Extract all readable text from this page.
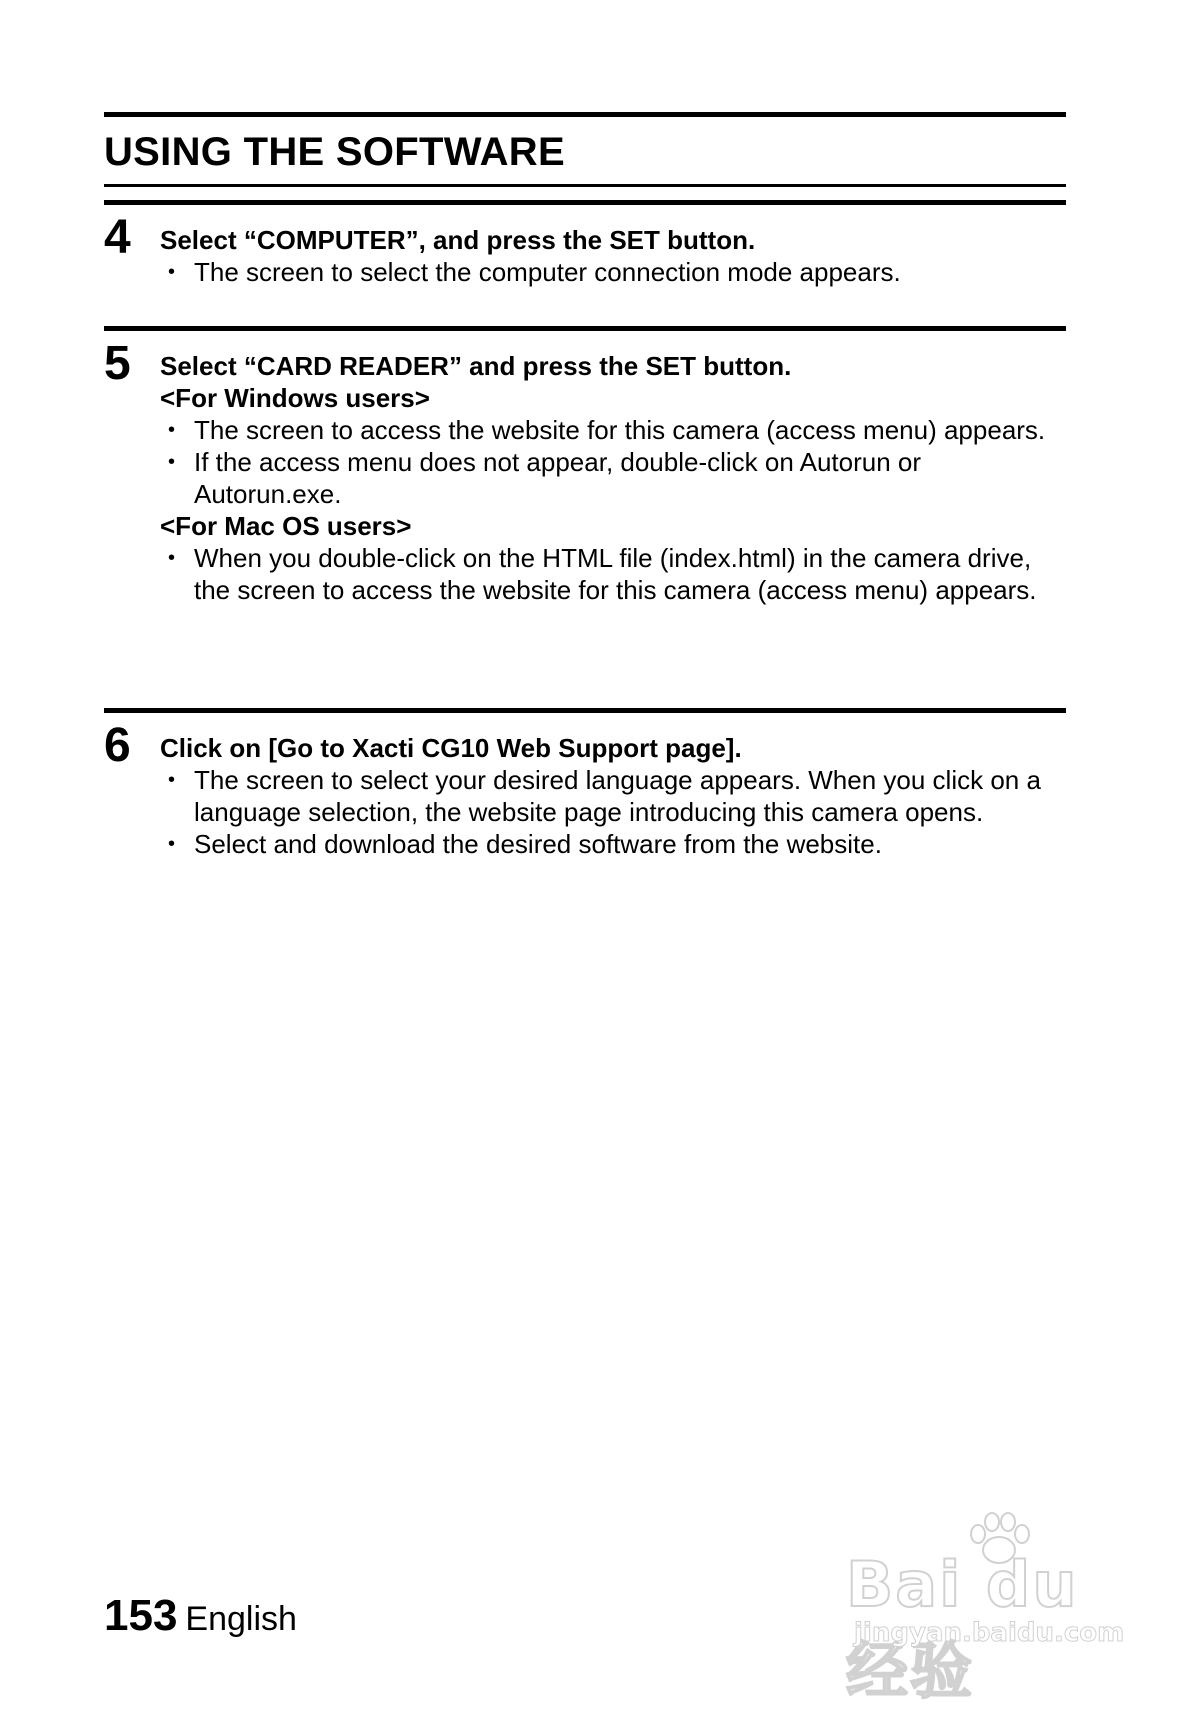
USING THE SOFTWARE
4 Select “COMPUTER”, and press the SET button.

• The screen to select the computer connection mode appears.
5 Select “CARD READER” and press the SET button.

<For Windows users>

• The screen to access the website for this camera (access menu) appears.
• If the access menu does not appear, double-click on Autorun or Autorun.exe.

<For Mac OS users>

• When you double-click on the HTML file (index.html) in the camera drive, the screen to access the website for this camera (access menu) appears.
6 Click on [Go to Xacti CG10 Web Support page].

• The screen to select your desired language appears. When you click on a language selection, the website page introducing this camera opens.
• Select and download the desired software from the website.
153 English	Bai du 经验
jingyan.baidu.com
